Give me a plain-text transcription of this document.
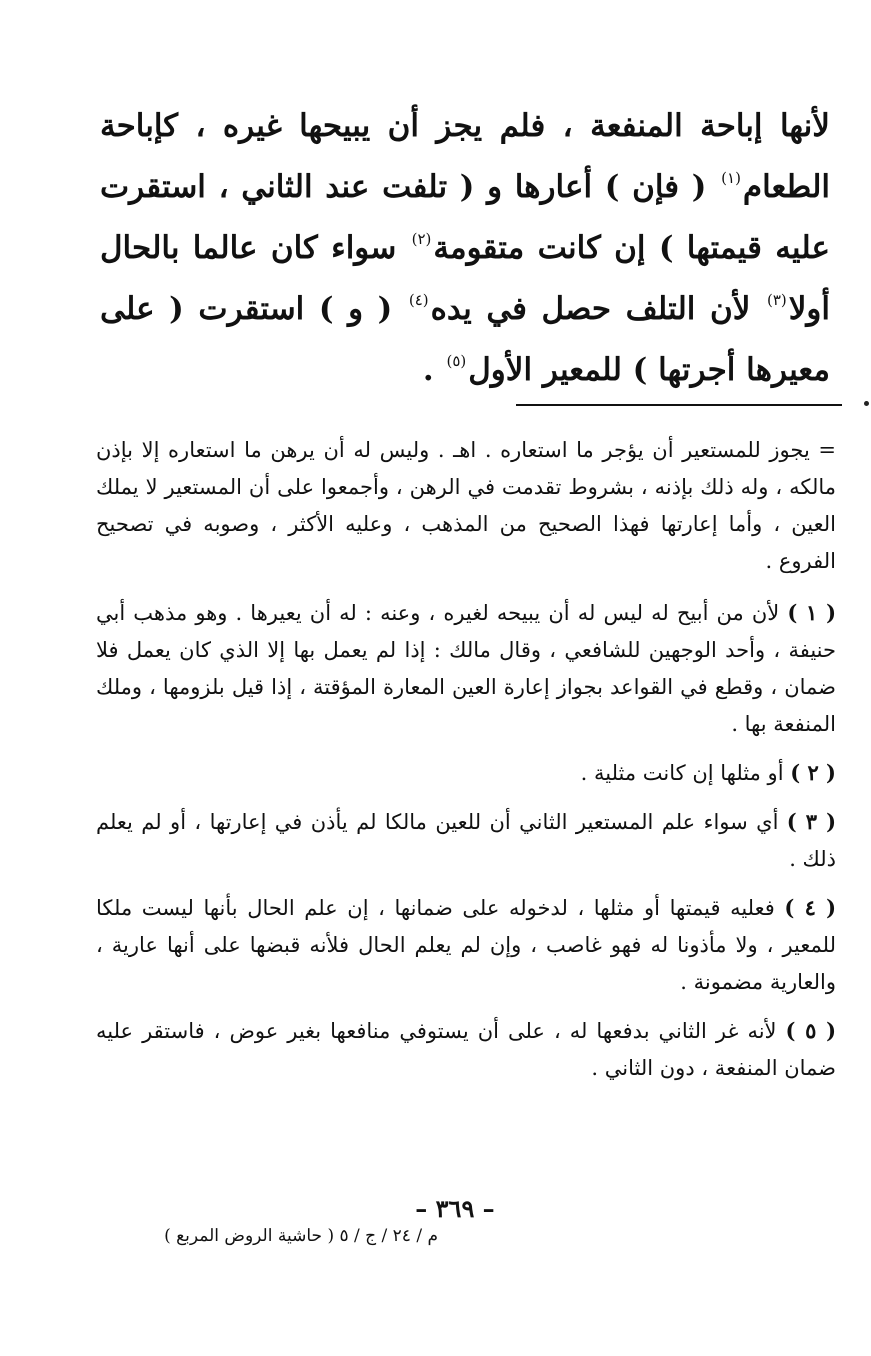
لأنها إباحة المنفعة ، فلم يجز أن يبيحها غيره ، كإباحة الطعام$^{(١)}$ ( فإن ) أعارها و ( تلفت عند الثاني ، استقرت عليه قيمتها ) إن كانت متقومة$^{(٢)}$ سواء كان عالما بالحال أولا$^{(٣)}$ لأن التلف حصل في يده$^{(٤)}$ ( و ) استقرت ( على معيرها أجرتها ) للمعير الأول$^{(٥)}$ .

= يجوز للمستعير أن يؤجر ما استعاره . اهـ . وليس له أن يرهن ما استعاره إلا بإذن مالكه ، وله ذلك بإذنه ، بشروط تقدمت في الرهن ، وأجمعوا على أن المستعير لا يملك العين ، وأما إعارتها فهذا الصحيح من المذهب ، وعليه الأكثر ، وصوبه في تصحيح الفروع .

( ١ ) لأن من أبيح له ليس له أن يبيحه لغيره ، وعنه : له أن يعيرها . وهو مذهب أبي حنيفة ، وأحد الوجهين للشافعي ، وقال مالك : إذا لم يعمل بها إلا الذي كان يعمل فلا ضمان ، وقطع في القواعد بجواز إعارة العين المعارة المؤقتة ، إذا قيل بلزومها ، وملك المنفعة بها .

( ٢ ) أو مثلها إن كانت مثلية .

( ٣ ) أي سواء علم المستعير الثاني أن للعين مالكا لم يأذن في إعارتها ، أو لم يعلم ذلك .

( ٤ ) فعليه قيمتها أو مثلها ، لدخوله على ضمانها ، إن علم الحال بأنها ليست ملكا للمعير ، ولا مأذونا له فهو غاصب ، وإن لم يعلم الحال فلأنه قبضها على أنها عارية ، والعارية مضمونة .

( ٥ ) لأنه غر الثاني بدفعها له ، على أن يستوفي منافعها بغير عوض ، فاستقر عليه ضمان المنفعة ، دون الثاني .

– ٣٦٩ –
م / ٢٤ / ج / ٥ ( حاشية الروض المربع )
